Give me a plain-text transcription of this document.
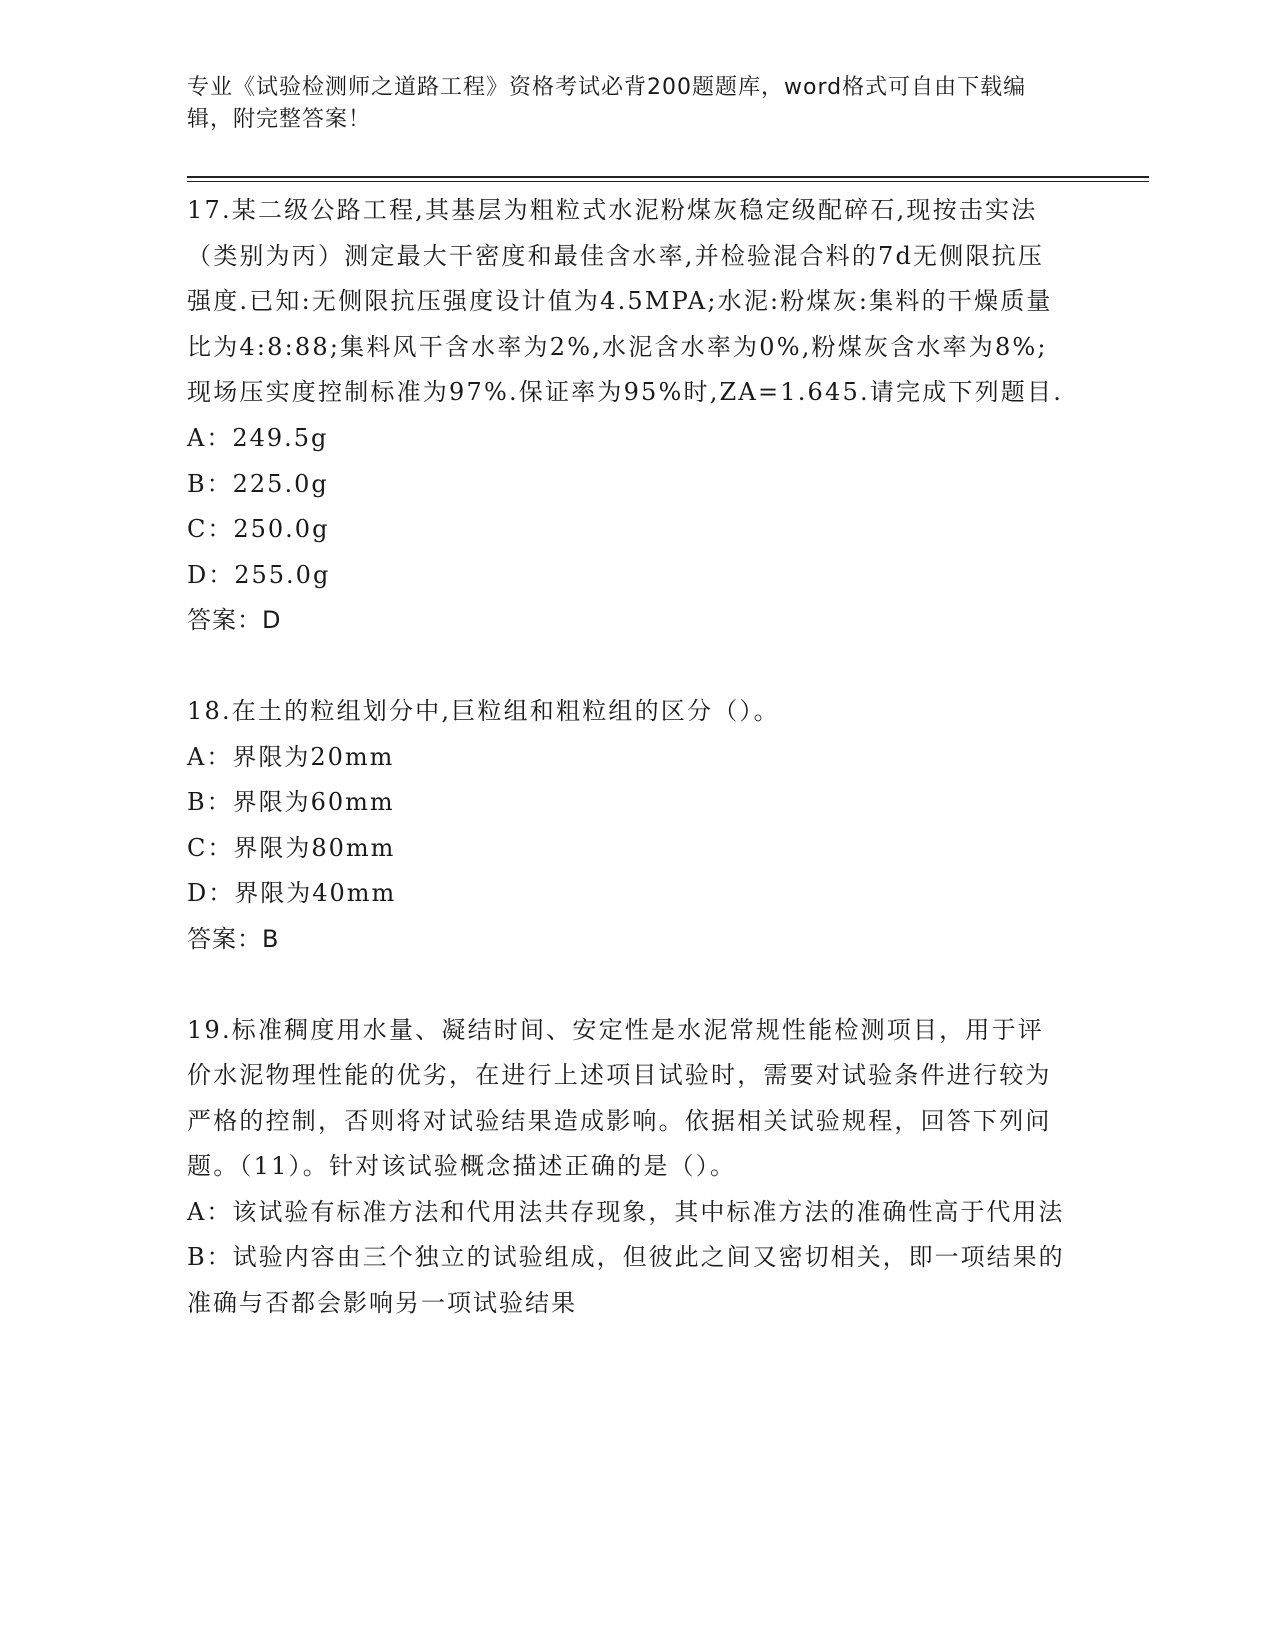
专业《试验检测师之道路工程》资格考试必背200题题库，word格式可自由下载编辑，附完整答案！

17.某二级公路工程,其基层为粗粒式水泥粉煤灰稳定级配碎石,现按击实法（类别为丙）测定最大干密度和最佳含水率,并检验混合料的7d无侧限抗压强度.已知:无侧限抗压强度设计值为4.5MPA;水泥:粉煤灰:集料的干燥质量比为4:8:88;集料风干含水率为2%,水泥含水率为0%,粉煤灰含水率为8%;现场压实度控制标准为97%.保证率为95%时,ZA=1.645.请完成下列题目.

A：249.5g

B：225.0g

C：250.0g

D：255.0g

答案：D

18.在土的粒组划分中,巨粒组和粗粒组的区分（）。

A：界限为20mm

B：界限为60mm

C：界限为80mm

D：界限为40mm

答案：B

19.标准稠度用水量、凝结时间、安定性是水泥常规性能检测项目，用于评价水泥物理性能的优劣，在进行上述项目试验时，需要对试验条件进行较为严格的控制，否则将对试验结果造成影响。依据相关试验规程，回答下列问题。（11）。针对该试验概念描述正确的是（）。

A：该试验有标准方法和代用法共存现象，其中标准方法的准确性高于代用法

B：试验内容由三个独立的试验组成，但彼此之间又密切相关，即一项结果的准确与否都会影响另一项试验结果
